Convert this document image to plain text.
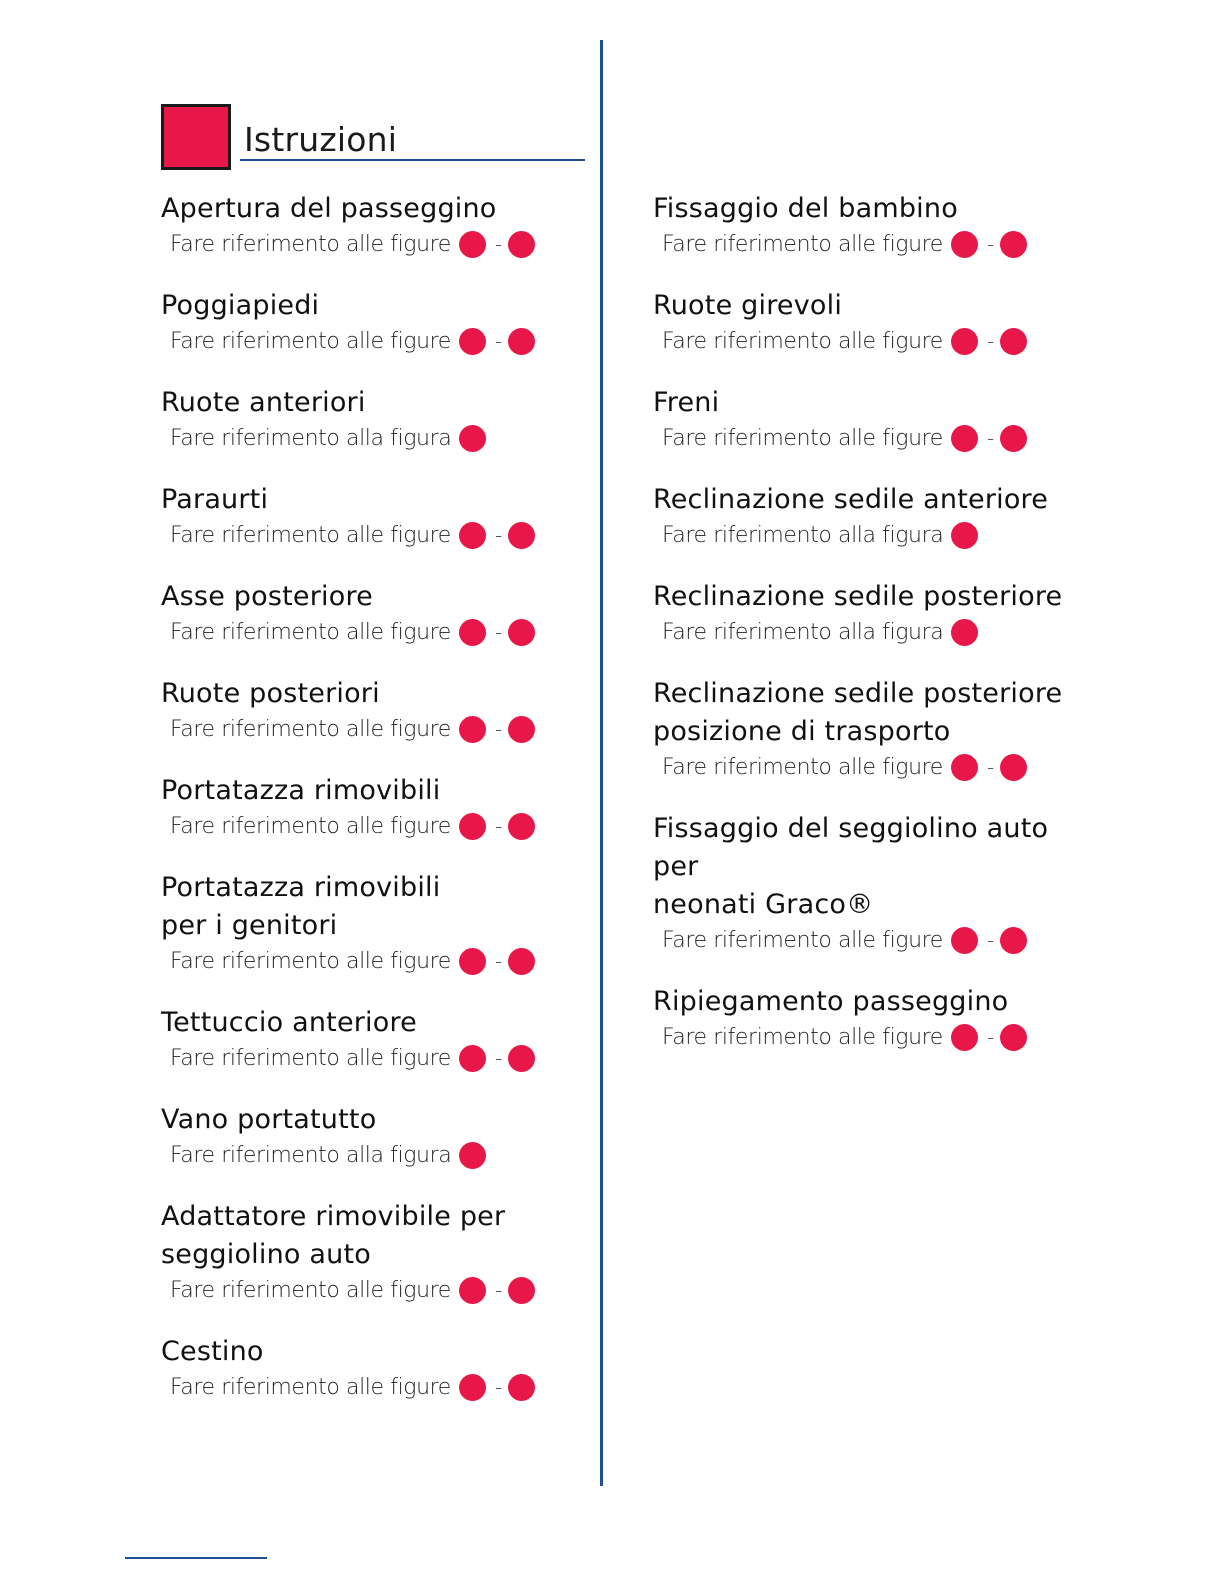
Istruzioni
Apertura del passeggino
Fare riferimento alle figure -
Poggiapiedi
Fare riferimento alle figure -
Ruote anteriori
Fare riferimento alla figura
Paraurti
Fare riferimento alle figure -
Asse posteriore
Fare riferimento alle figure -
Ruote posteriori
Fare riferimento alle figure -
Portatazza rimovibili
Fare riferimento alle figure -
Portatazza rimovibili
per i genitori
Fare riferimento alle figure -
Tettuccio anteriore
Fare riferimento alle figure -
Vano portatutto
Fare riferimento alla figura
Adattatore rimovibile per
seggiolino auto
Fare riferimento alle figure -
Cestino
Fare riferimento alle figure -
Fissaggio del bambino
Fare riferimento alle figure -
Ruote girevoli
Fare riferimento alle figure -
Freni
Fare riferimento alle figure -
Reclinazione sedile anteriore
Fare riferimento alla figura
Reclinazione sedile posteriore
Fare riferimento alla figura
Reclinazione sedile posteriore
posizione di trasporto
Fare riferimento alle figure -
Fissaggio del seggiolino auto per
neonati Graco®
Fare riferimento alle figure -
Ripiegamento passeggino
Fare riferimento alle figure -
